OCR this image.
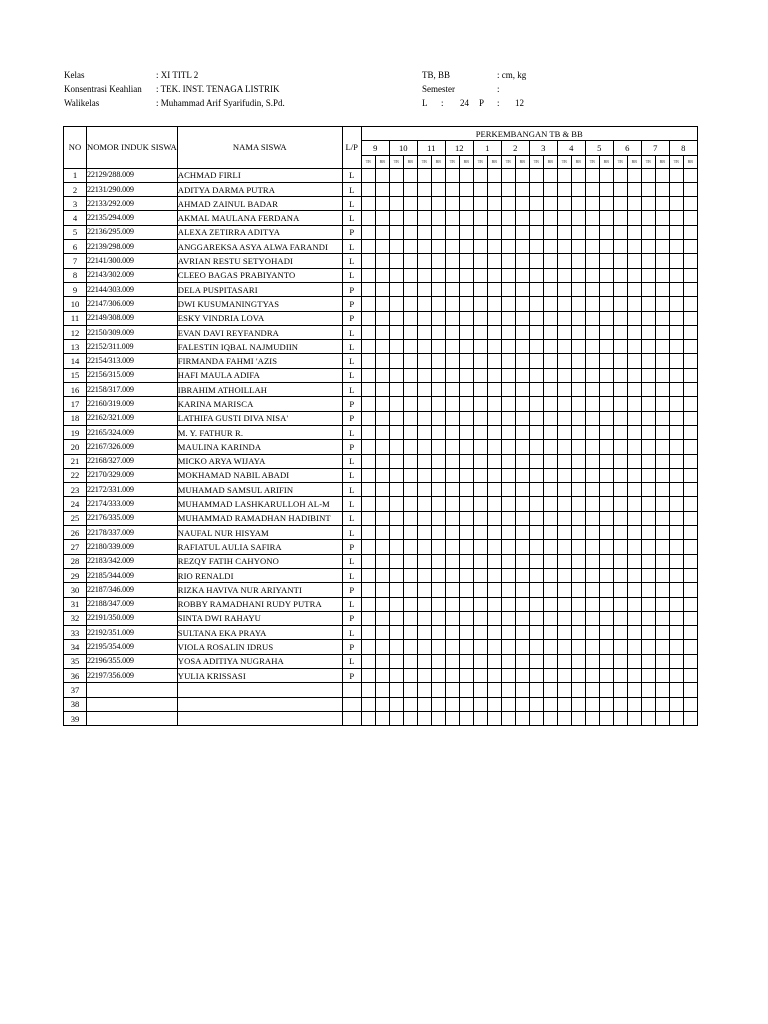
Kelas	: XI TITL 2	TB, BB	: cm, kg
Konsentrasi Keahlian : TEK. INST. TENAGA LISTRIK	Semester	:
Walikelas	: Muhammad Arif Syarifudin, S.Pd.	L : 24 P : 12
NO	NOMOR INDUK SISWA	NAMA SISWA	L/P	PERKEMBANGAN TB & BB																							
				9		10		11		12		1		2		3		4		5		6		7		8	
				TB	BB	TB	BB	TB	BB	TB	BB	TB	BB	TB	BB	TB	BB	TB	BB	TB	BB	TB	BB	TB	BB	TB	BB
1	22129/288.009	ACHMAD FIRLI	L																								
2	22131/290.009	ADITYA DARMA PUTRA	L																								
3	22133/292.009	AHMAD ZAINUL BADAR	L																								
4	22135/294.009	AKMAL MAULANA FERDANA	L																								
5	22136/295.009	ALEXA ZETIRRA ADITYA	P																								
6	22139/298.009	ANGGAREKSA ASYA ALWA FARANDI	L																								
7	22141/300.009	AVRIAN RESTU SETYOHADI	L																								
8	22143/302.009	CLEEO BAGAS PRABIYANTO	L																								
9	22144/303.009	DELA PUSPITASARI	P																								
10	22147/306.009	DWI KUSUMANINGTYAS	P																								
11	22149/308.009	ESKY VINDRIA LOVA	P																								
12	22150/309.009	EVAN DAVI REYFANDRA	L																								
13	22152/311.009	FALESTIN IQBAL NAJMUDIIN	L																								
14	22154/313.009	FIRMANDA FAHMI 'AZIS	L																								
15	22156/315.009	HAFI MAULA ADIFA	L																								
16	22158/317.009	IBRAHIM ATHOILLAH	L																								
17	22160/319.009	KARINA MARISCA	P																								
18	22162/321.009	LATHIFA GUSTI DIVA NISA'	P																								
19	22165/324.009	M. Y. FATHUR R.	L																								
20	22167/326.009	MAULINA KARINDA	P																								
21	22168/327.009	MICKO ARYA WIJAYA	L																								
22	22170/329.009	MOKHAMAD NABIL ABADI	L																								
23	22172/331.009	MUHAMAD SAMSUL ARIFIN	L																								
24	22174/333.009	MUHAMMAD LASHKARULLOH AL-M	L																								
25	22176/335.009	MUHAMMAD RAMADHAN HADIBINT	L																								
26	22178/337.009	NAUFAL NUR HISYAM	L																								
27	22180/339.009	RAFIATUL AULIA SAFIRA	P																								
28	22183/342.009	REZQY FATIH CAHYONO	L																								
29	22185/344.009	RIO RENALDI	L																								
30	22187/346.009	RIZKA HAVIVA NUR ARIYANTI	P																								
31	22188/347.009	ROBBY RAMADHANI RUDY PUTRA	L																								
32	22191/350.009	SINTA DWI RAHAYU	P																								
33	22192/351.009	SULTANA EKA PRAYA	L																								
34	22195/354.009	VIOLA ROSALIN IDRUS	P																								
35	22196/355.009	YOSA ADITIYA NUGRAHA	L																								
36	22197/356.009	YULIA KRISSASI	P																								
37																											
38																											
39																											
